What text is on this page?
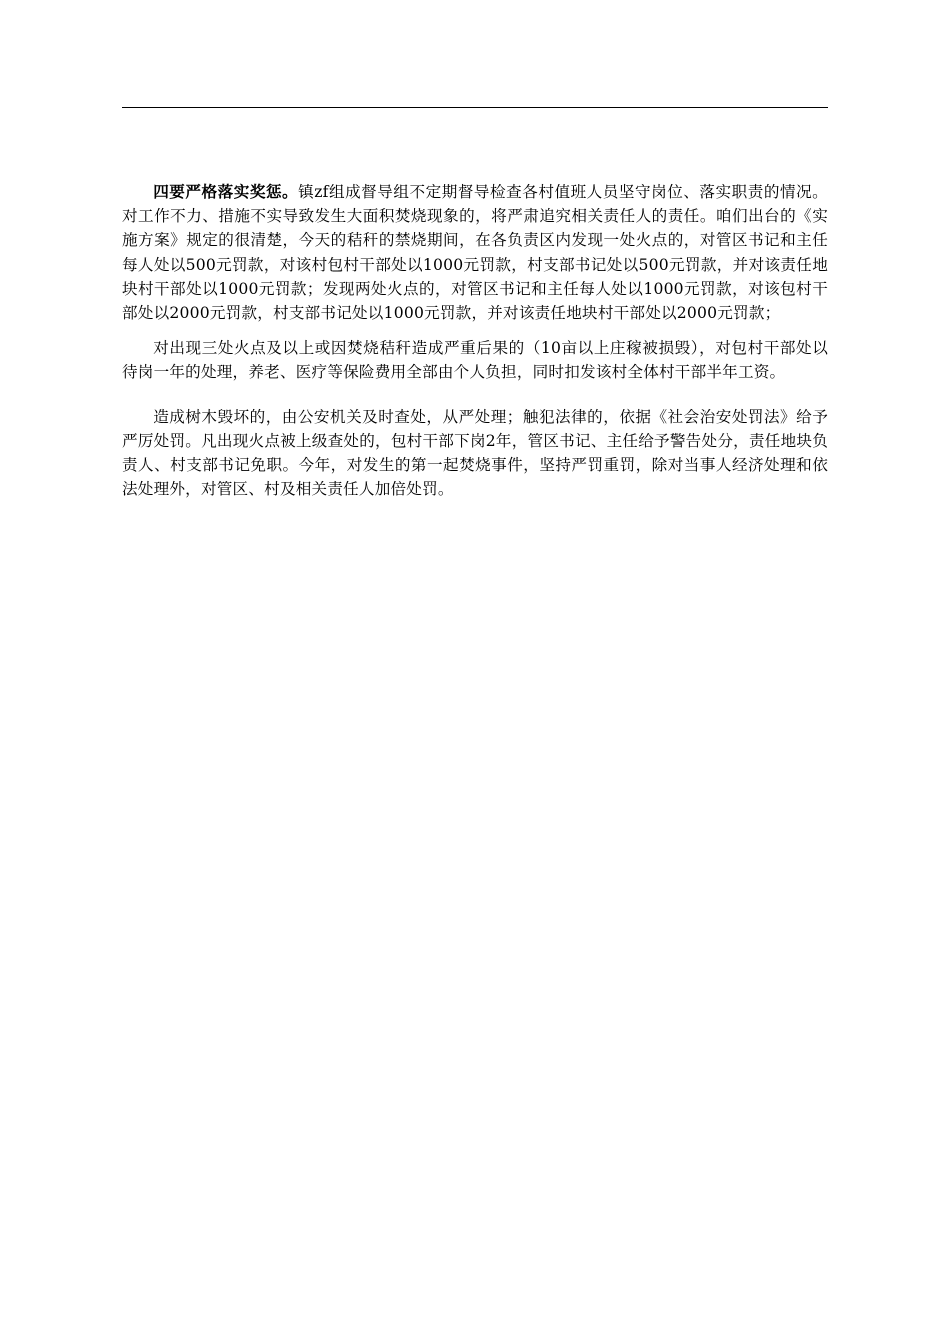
四要严格落实奖惩。镇zf组成督导组不定期督导检查各村值班人员坚守岗位、落实职责的情况。对工作不力、措施不实导致发生大面积焚烧现象的，将严肃追究相关责任人的责任。咱们出台的《实施方案》规定的很清楚，今天的秸秆的禁烧期间，在各负责区内发现一处火点的，对管区书记和主任每人处以500元罚款，对该村包村干部处以1000元罚款，村支部书记处以500元罚款，并对该责任地块村干部处以1000元罚款；发现两处火点的，对管区书记和主任每人处以1000元罚款，对该包村干部处以2000元罚款，村支部书记处以1000元罚款，并对该责任地块村干部处以2000元罚款；

对出现三处火点及以上或因焚烧秸秆造成严重后果的（10亩以上庄稼被损毁），对包村干部处以待岗一年的处理，养老、医疗等保险费用全部由个人负担，同时扣发该村全体村干部半年工资。

造成树木毁坏的，由公安机关及时查处，从严处理；触犯法律的，依据《社会治安处罚法》给予严厉处罚。凡出现火点被上级查处的，包村干部下岗2年，管区书记、主任给予警告处分，责任地块负责人、村支部书记免职。今年，对发生的第一起焚烧事件，坚持严罚重罚，除对当事人经济处理和依法处理外，对管区、村及相关责任人加倍处罚。
